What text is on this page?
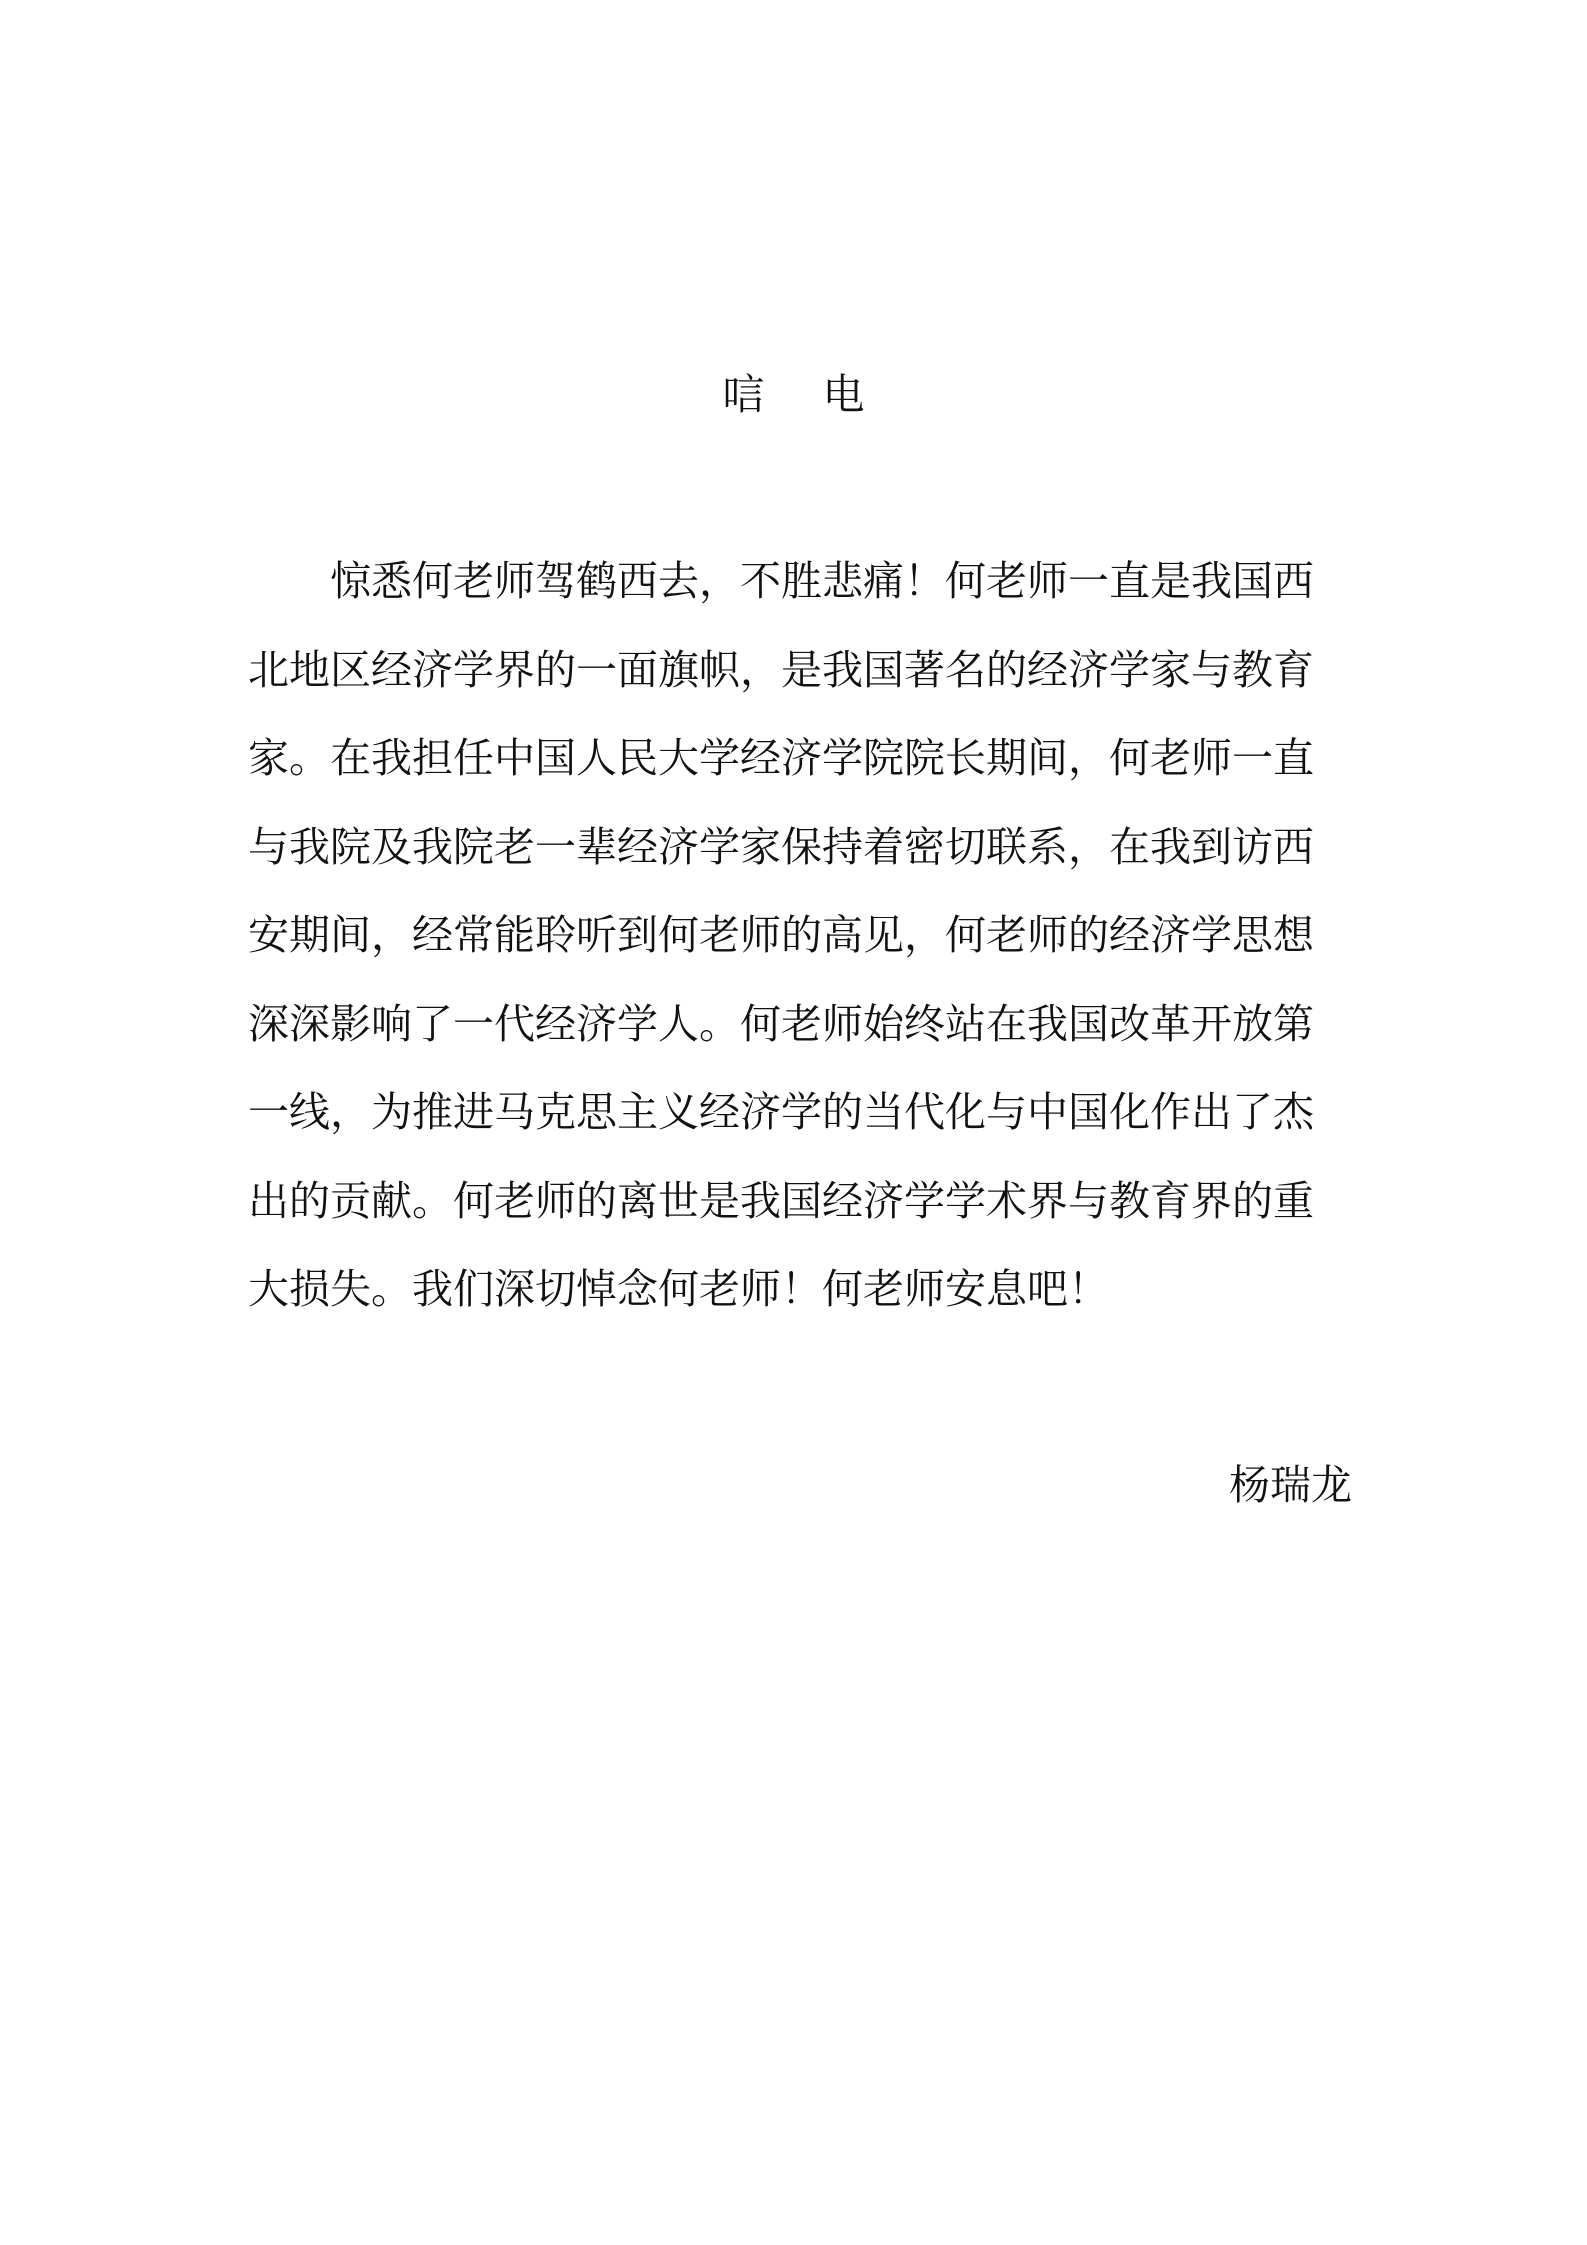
唁 电
惊悉何老师驾鹤西去，不胜悲痛！何老师一直是我国西
北地区经济学界的一面旗帜，是我国著名的经济学家与教育
家。在我担任中国人民大学经济学院院长期间，何老师一直
与我院及我院老一辈经济学家保持着密切联系，在我到访西
安期间，经常能聆听到何老师的高见，何老师的经济学思想
深深影响了一代经济学人。何老师始终站在我国改革开放第
一线，为推进马克思主义经济学的当代化与中国化作出了杰
出的贡献。何老师的离世是我国经济学学术界与教育界的重
大损失。我们深切悼念何老师！何老师安息吧！
杨瑞龙
